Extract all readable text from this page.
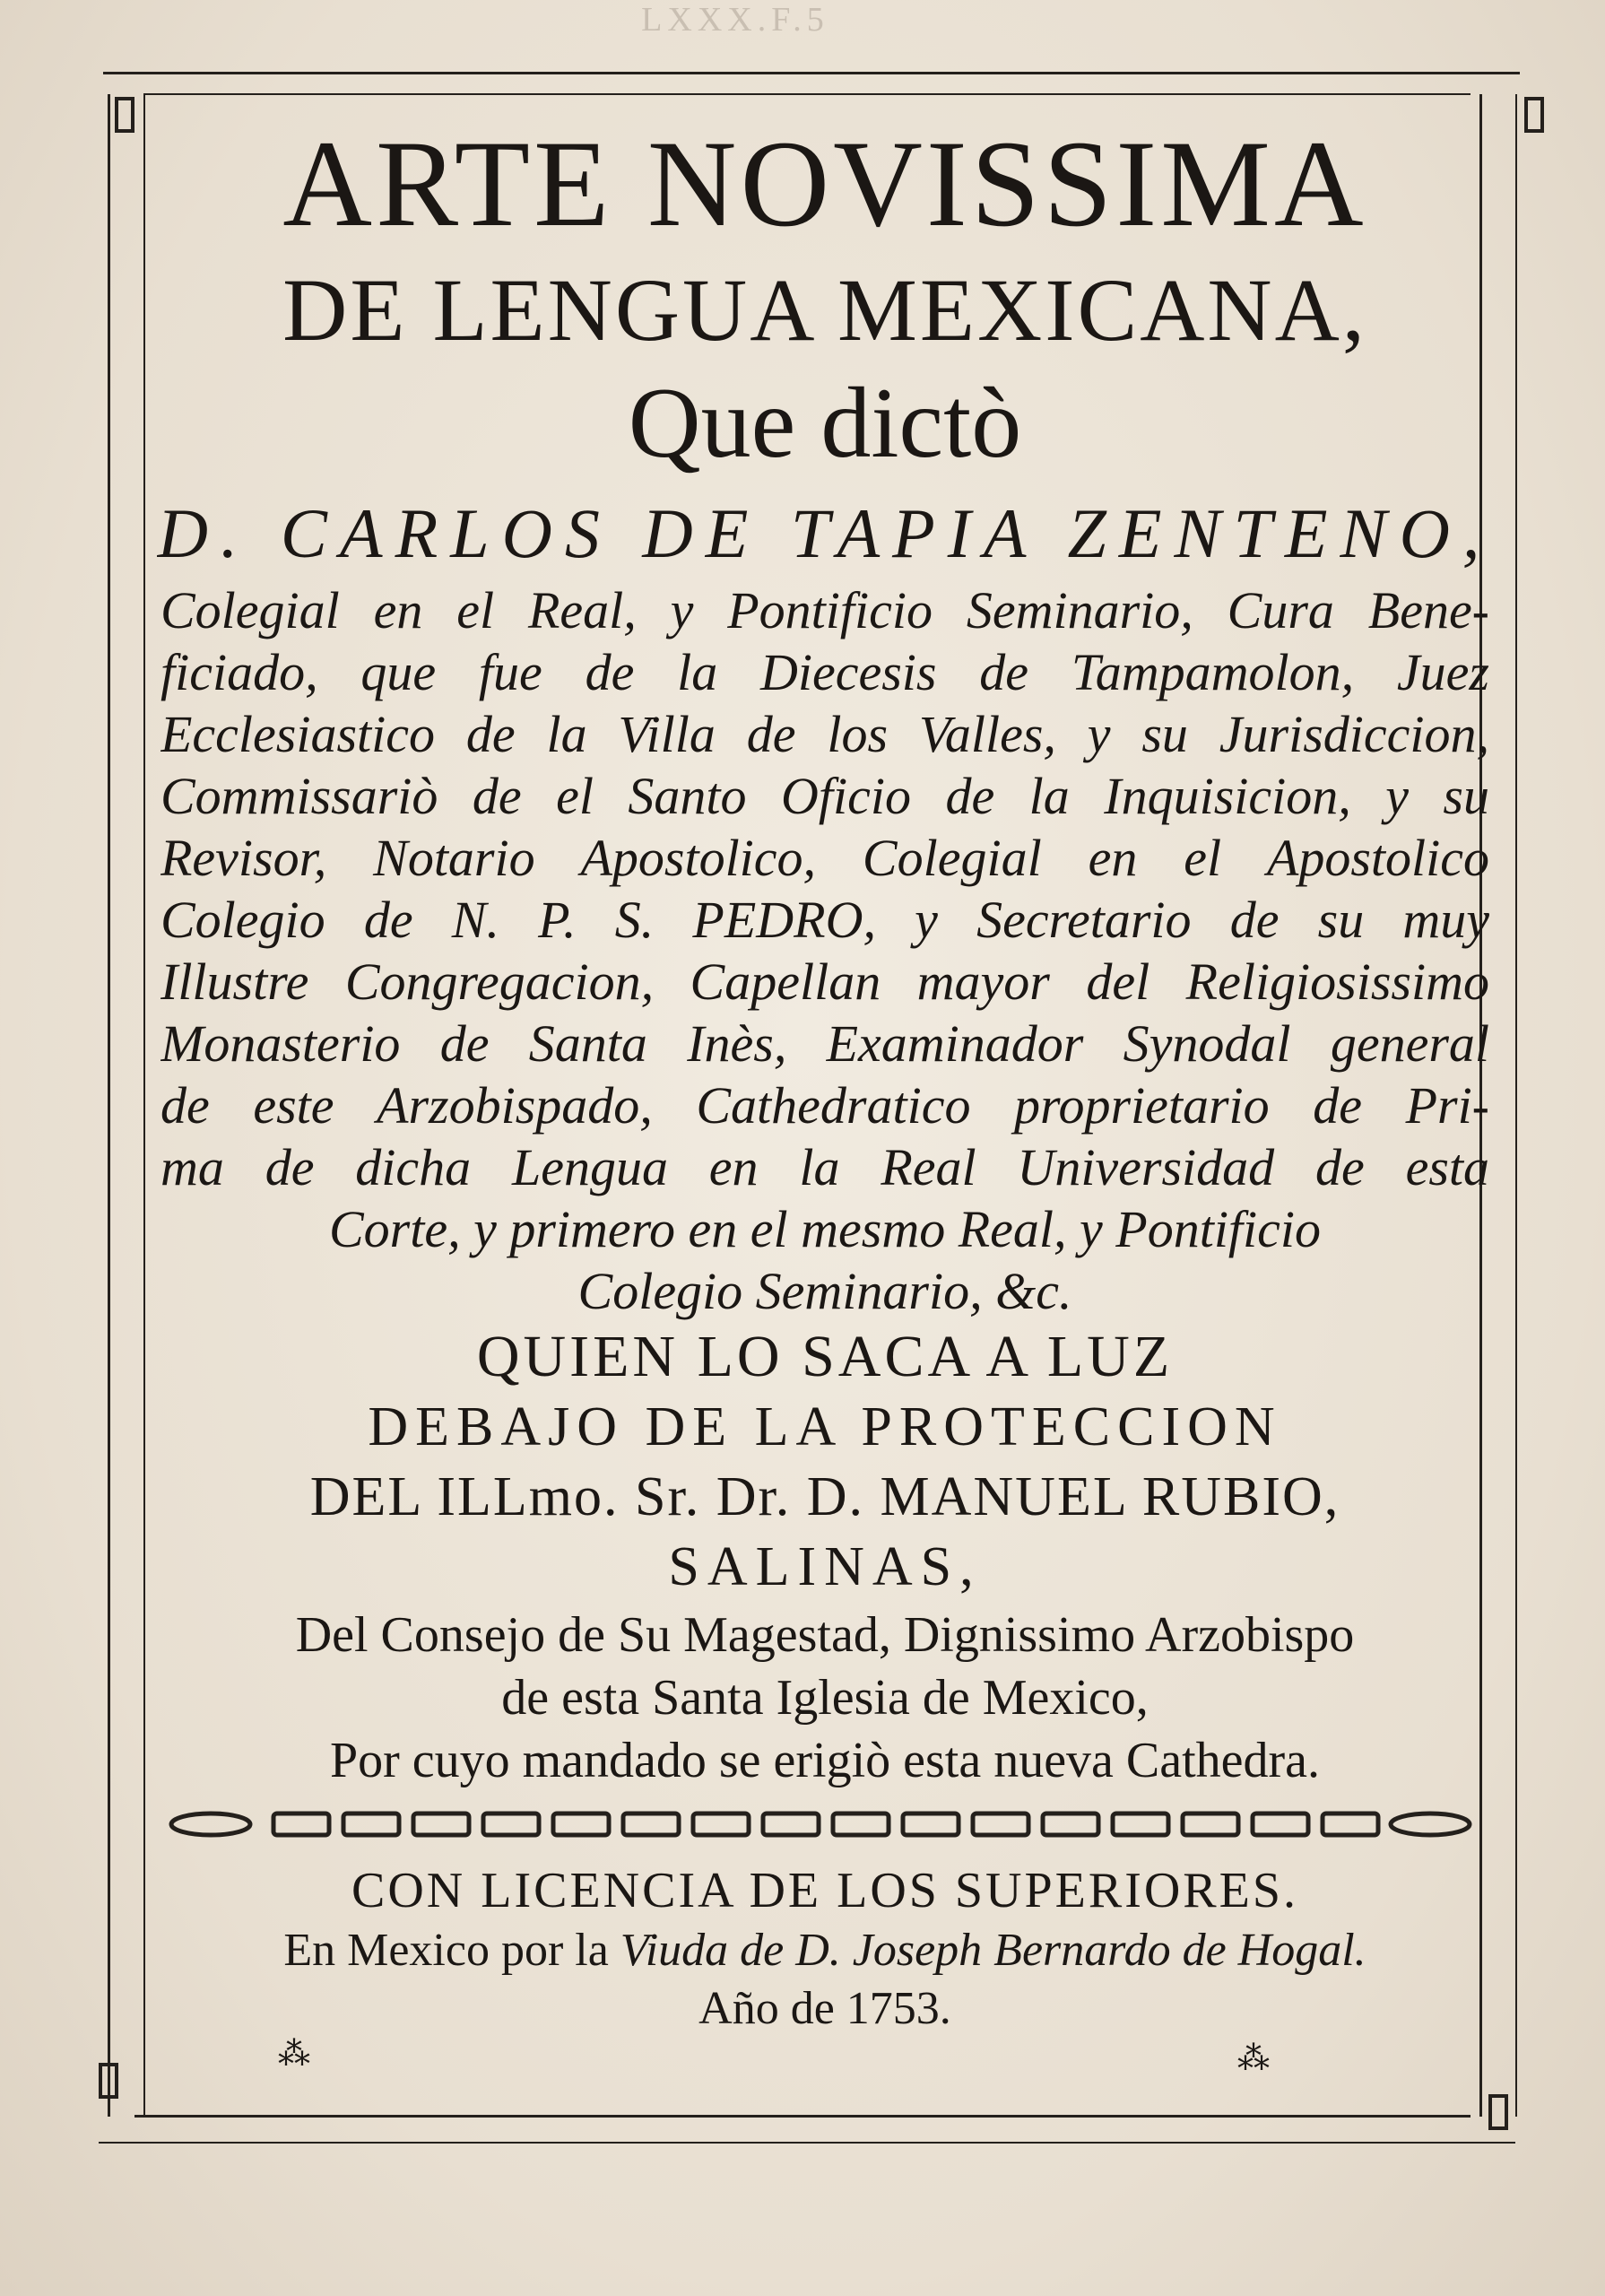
LXXX.F.5
ARTE NOVISSIMA
DE LENGUA MEXICANA,
Que dictò
D. CARLOS DE TAPIA ZENTENO,
Colegial en el Real, y Pontificio Seminario, Cura Bene-
ficiado, que fue de la Diecesis de Tampamolon, Juez
Ecclesiastico de la Villa de los Valles, y su Jurisdiccion,
Commissariò de el Santo Oficio de la Inquisicion, y su
Revisor, Notario Apostolico, Colegial en el Apostolico
Colegio de N. P. S. PEDRO, y Secretario de su muy
Illustre Congregacion, Capellan mayor del Religiosissimo
Monasterio de Santa Inès, Examinador Synodal general
de este Arzobispado, Cathedratico proprietario de Pri-
ma de dicha Lengua en la Real Universidad de esta
Corte, y primero en el mesmo Real, y Pontificio
Colegio Seminario, &c.
QUIEN LO SACA A LUZ
DEBAJO DE LA PROTECCION
DEL ILLmo. Sr. Dr. D. MANUEL RUBIO,
SALINAS,
Del Consejo de Su Magestad, Dignissimo Arzobispo
de esta Santa Iglesia de Mexico,
Por cuyo mandado se erigiò esta nueva Cathedra.
CON LICENCIA DE LOS SUPERIORES.
En Mexico por la Viuda de D. Joseph Bernardo de Hogal.
Año de 1753.
⁂	⁂
